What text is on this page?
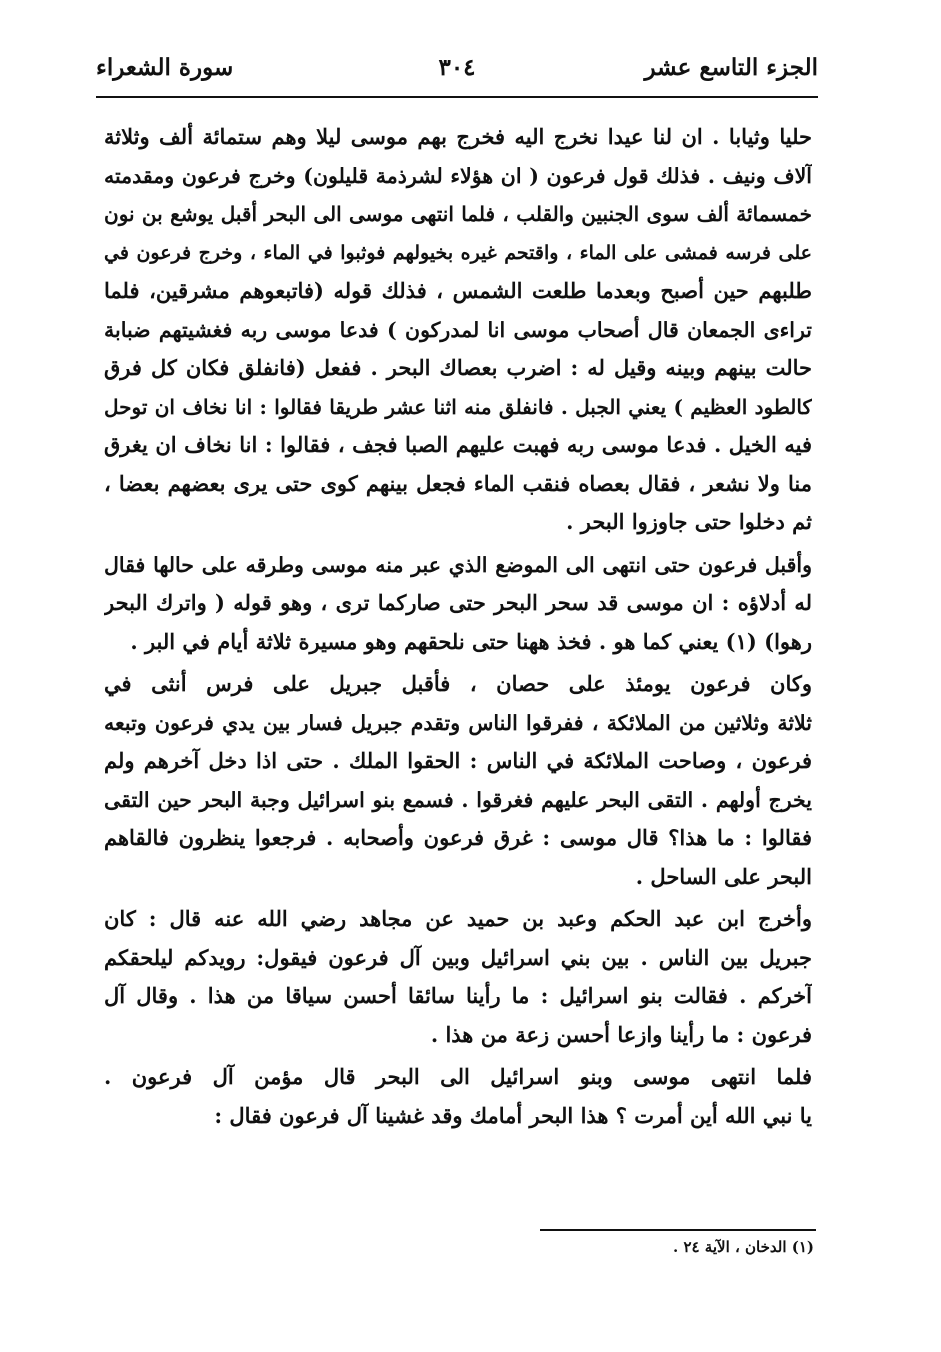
الجزء التاسع عشر
٣٠٤
سورة الشعراء
حليا وثيابا . ان لنا عيدا نخرج اليه فخرج بهم موسى ليلا وهم ستمائة ألف وثلاثة
آلاف ونيف . فذلك قول فرعون ( ان هؤلاء لشرذمة قليلون) وخرج فرعون ومقدمته
خمسمائة ألف سوى الجنبين والقلب ، فلما انتهى موسى الى البحر أقبل يوشع بن نون
على فرسه فمشى على الماء ، واقتحم غيره بخيولهم فوثبوا في الماء ، وخرج فرعون في
طلبهم حين أصبح وبعدما طلعت الشمس ، فذلك قوله (فاتبعوهم مشرقين، فلما
تراءى الجمعان قال أصحاب موسى انا لمدركون ) فدعا موسى ربه فغشيتهم ضبابة
حالت بينهم وبينه وقيل له : اضرب بعصاك البحر . ففعل (فانفلق فكان كل فرق
كالطود العظيم ) يعني الجبل . فانفلق منه اثنا عشر طريقا فقالوا : انا نخاف ان توحل
فيه الخيل . فدعا موسى ربه فهبت عليهم الصبا فجف ، فقالوا : انا نخاف ان يغرق
منا ولا نشعر ، فقال بعصاه فنقب الماء فجعل بينهم كوى حتى يرى بعضهم بعضا ،
ثم دخلوا حتى جاوزوا البحر .
وأقبل فرعون حتى انتهى الى الموضع الذي عبر منه موسى وطرقه على حالها فقال
له أدلاؤه : ان موسى قد سحر البحر حتى صاركما ترى ، وهو قوله ( واترك البحر
رهوا) (١) يعني كما هو . فخذ ههنا حتى نلحقهم وهو مسيرة ثلاثة أيام في البر .
وكان فرعون يومئذ على حصان ، فأقبل جبريل على فرس أنثى في
ثلاثة وثلاثين من الملائكة ، ففرقوا الناس وتقدم جبريل فسار بين يدي فرعون وتبعه
فرعون ، وصاحت الملائكة في الناس : الحقوا الملك . حتى اذا دخل آخرهم ولم
يخرج أولهم . التقى البحر عليهم فغرقوا . فسمع بنو اسرائيل وجبة البحر حين التقى
فقالوا : ما هذا؟ قال موسى : غرق فرعون وأصحابه . فرجعوا ينظرون فالقاهم
البحر على الساحل .
وأخرج ابن عبد الحكم وعبد بن حميد عن مجاهد رضي الله عنه قال : كان
جبريل بين الناس . بين بني اسرائيل وبين آل فرعون فيقول: رويدكم ليلحقكم
آخركم . فقالت بنو اسرائيل : ما رأينا سائقا أحسن سياقا من هذا . وقال آل
فرعون : ما رأينا وازعا أحسن زعة من هذا .
فلما انتهى موسى وبنو اسرائيل الى البحر قال مؤمن آل فرعون .
يا نبي الله أين أمرت ؟ هذا البحر أمامك وقد غشينا آل فرعون فقال :
(١) الدخان ، الآية ٢٤ .
